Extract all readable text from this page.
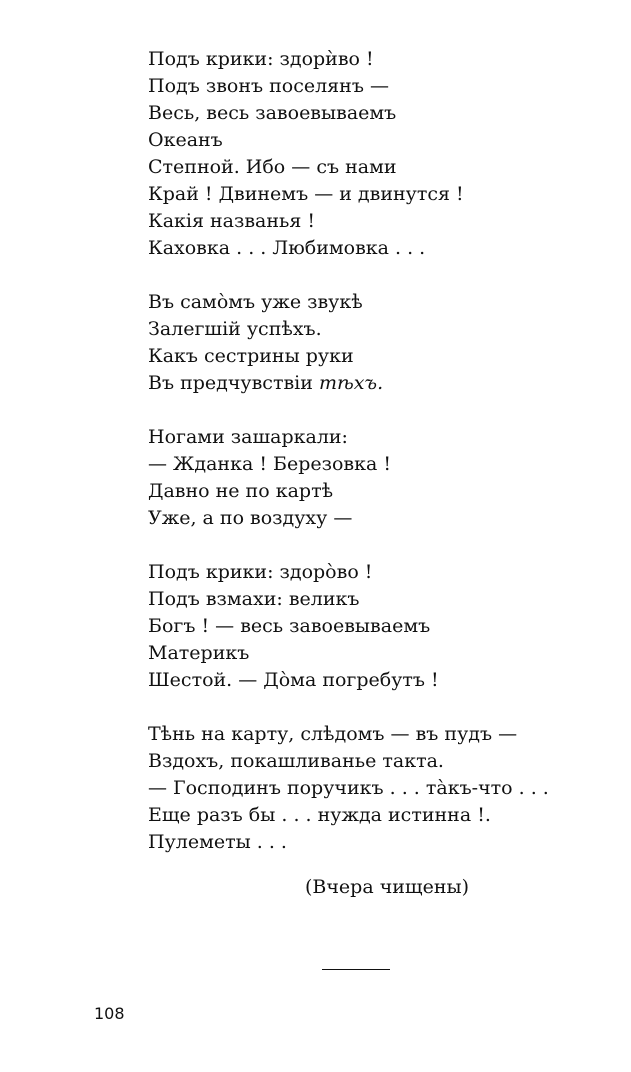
Подъ крики: здорѝво !
Подъ звонъ поселянъ —
Весь, весь завоевываемъ
Океанъ
Степной. Ибо — съ нами
Край ! Двинемъ — и двинутся !
Какія названья !
Каховка . . . Любимовка . . .
Въ самòмъ уже звукѣ
Залегшій успѣхъ.
Какъ сестрины руки
Въ предчувствіи тѣхъ.
Ногами зашаркали:
— Жданка ! Березовка !
Давно не по картѣ
Уже, а по воздуху —
Подъ крики: здорòво !
Подъ взмахи: великъ
Богъ ! — весь завоевываемъ
Материкъ
Шестой. — Дòма погребутъ !
Тѣнь на карту, слѣдомъ — въ пудъ —
Вздохъ, покашливанье такта.
— Господинъ поручикъ . . . тàкъ-что . . .
Еще разъ бы . . . нужда истинна !.
Пулеметы . . .
(Вчера чищены)
108
